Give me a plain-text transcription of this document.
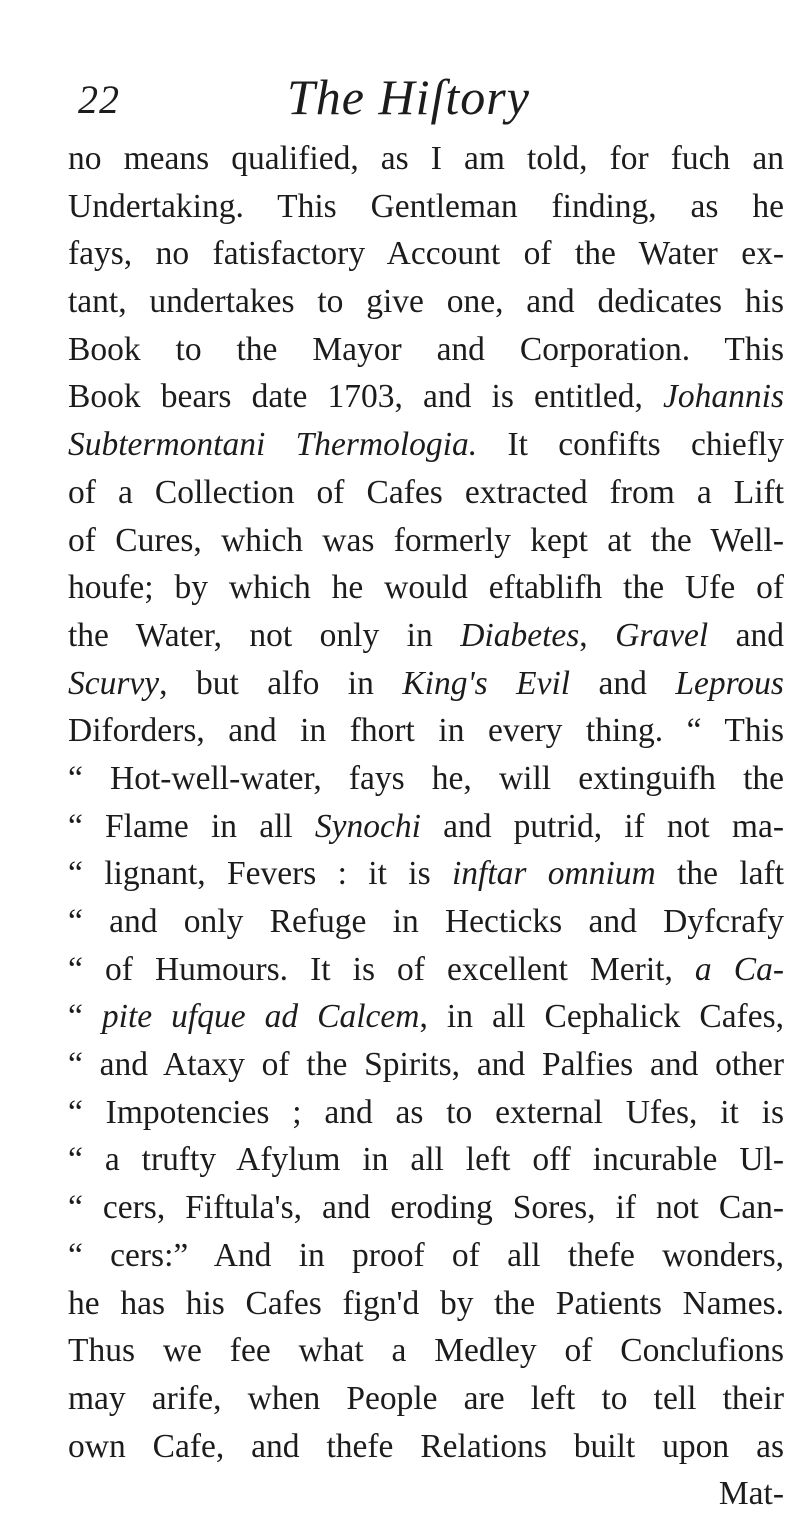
22	The Hiſtory
no means qualified, as I am told, for fuch an
Undertaking. This Gentleman finding, as he
fays, no fatisfactory Account of the Water ex-
tant, undertakes to give one, and dedicates his
Book to the Mayor and Corporation. This
Book bears date 1703, and is entitled, Johannis
Subtermontani Thermologia. It confifts chiefly
of a Collection of Cafes extracted from a Lift
of Cures, which was formerly kept at the Well-
houfe; by which he would eftablifh the Ufe of
the Water, not only in Diabetes, Gravel and
Scurvy, but alfo in King's Evil and Leprous
Diforders, and in fhort in every thing. “ This
“ Hot-well-water, fays he, will extinguifh the
“ Flame in all Synochi and putrid, if not ma-
“ lignant, Fevers : it is inftar omnium the laft
“ and only Refuge in Hecticks and Dyfcrafy
“ of Humours. It is of excellent Merit, a Ca-
“ pite ufque ad Calcem, in all Cephalick Cafes,
“ and Ataxy of the Spirits, and Palfies and other
“ Impotencies ; and as to external Ufes, it is
“ a trufty Afylum in all left off incurable Ul-
“ cers, Fiftula's, and eroding Sores, if not Can-
“ cers:” And in proof of all thefe wonders,
he has his Cafes fign'd by the Patients Names.
Thus we fee what a Medley of Conclufions
may arife, when People are left to tell their
own Cafe, and thefe Relations built upon as
Mat-
